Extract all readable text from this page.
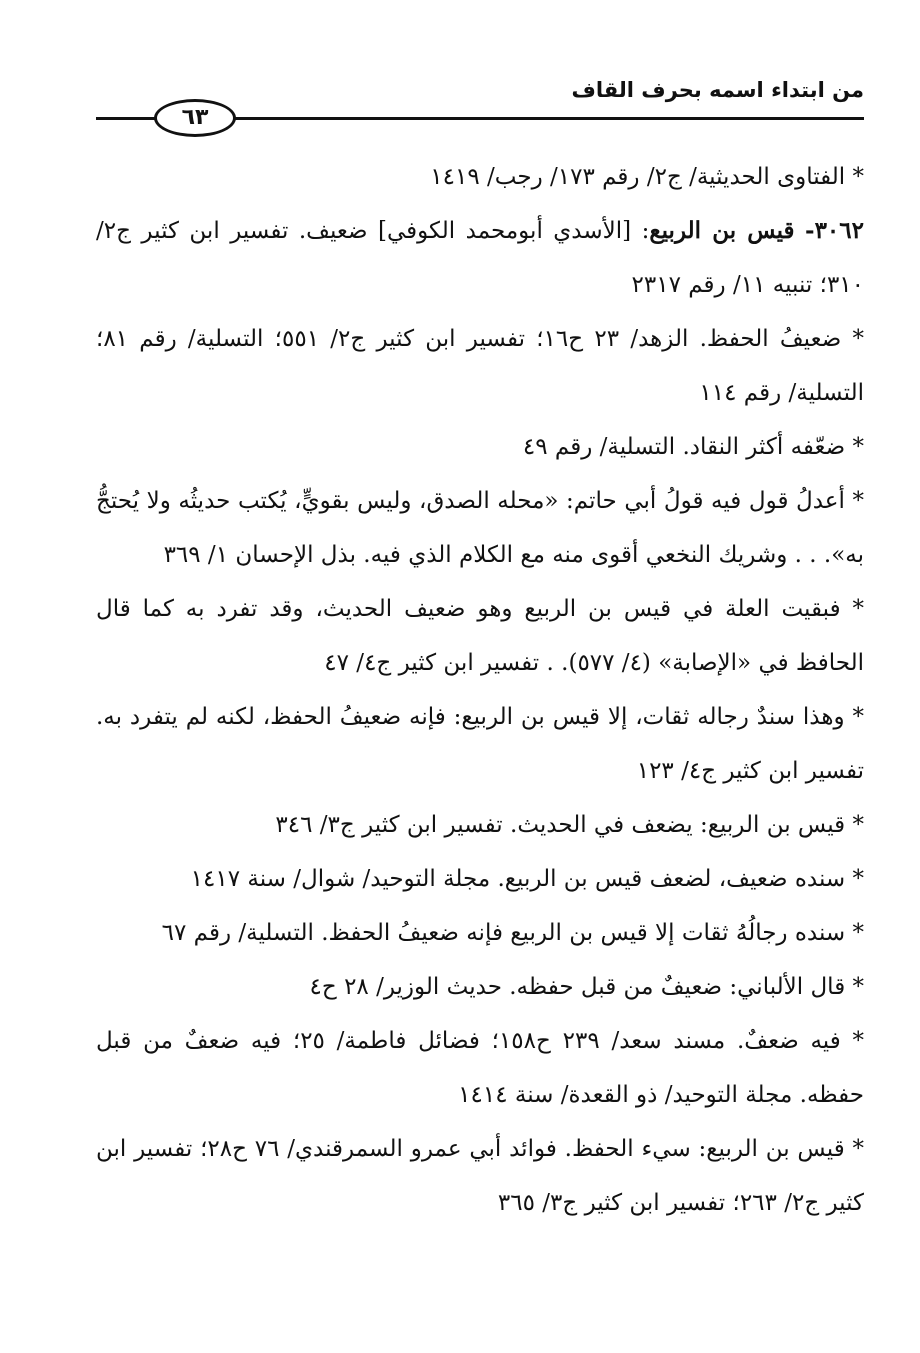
من ابتداء اسمه بحرف القاف
٦٣

* الفتاوى الحديثية/ ج٢/ رقم ١٧٣/ رجب/ ١٤١٩

٣٠٦٢- قيس بن الربيع: [الأسدي أبومحمد الكوفي] ضعيف. تفسير ابن كثير ج٢/ ٣١٠؛ تنبيه ١١/ رقم ٢٣١٧

* ضعيفُ الحفظ. الزهد/ ٢٣ ح١٦؛ تفسير ابن كثير ج٢/ ٥٥١؛ التسلية/ رقم ٨١؛ التسلية/ رقم ١١٤

* ضعّفه أكثر النقاد. التسلية/ رقم ٤٩

* أعدلُ قول فيه قولُ أبي حاتم: «محله الصدق، وليس بقويٍّ، يُكتب حديثُه ولا يُحتجُّ به». . . وشريك النخعي أقوى منه مع الكلام الذي فيه. بذل الإحسان ١/ ٣٦٩

* فبقيت العلة في قيس بن الربيع وهو ضعيف الحديث، وقد تفرد به كما قال الحافظ في «الإصابة» (٤/ ٥٧٧). . تفسير ابن كثير ج٤/ ٤٧

* وهذا سندٌ رجاله ثقات، إلا قيس بن الربيع: فإنه ضعيفُ الحفظ، لكنه لم يتفرد به. تفسير ابن كثير ج٤/ ١٢٣

* قيس بن الربيع: يضعف في الحديث. تفسير ابن كثير ج٣/ ٣٤٦

* سنده ضعيف، لضعف قيس بن الربيع. مجلة التوحيد/ شوال/ سنة ١٤١٧

* سنده رجالُهُ ثقات إلا قيس بن الربيع فإنه ضعيفُ الحفظ. التسلية/ رقم ٦٧

* قال الألباني: ضعيفٌ من قبل حفظه. حديث الوزير/ ٢٨ ح٤

* فيه ضعفٌ. مسند سعد/ ٢٣٩ ح١٥٨؛ فضائل فاطمة/ ٢٥؛ فيه ضعفٌ من قبل حفظه. مجلة التوحيد/ ذو القعدة/ سنة ١٤١٤

* قيس بن الربيع: سيء الحفظ. فوائد أبي عمرو السمرقندي/ ٧٦ ح٢٨؛ تفسير ابن كثير ج٢/ ٢٦٣؛ تفسير ابن كثير ج٣/ ٣٦٥
